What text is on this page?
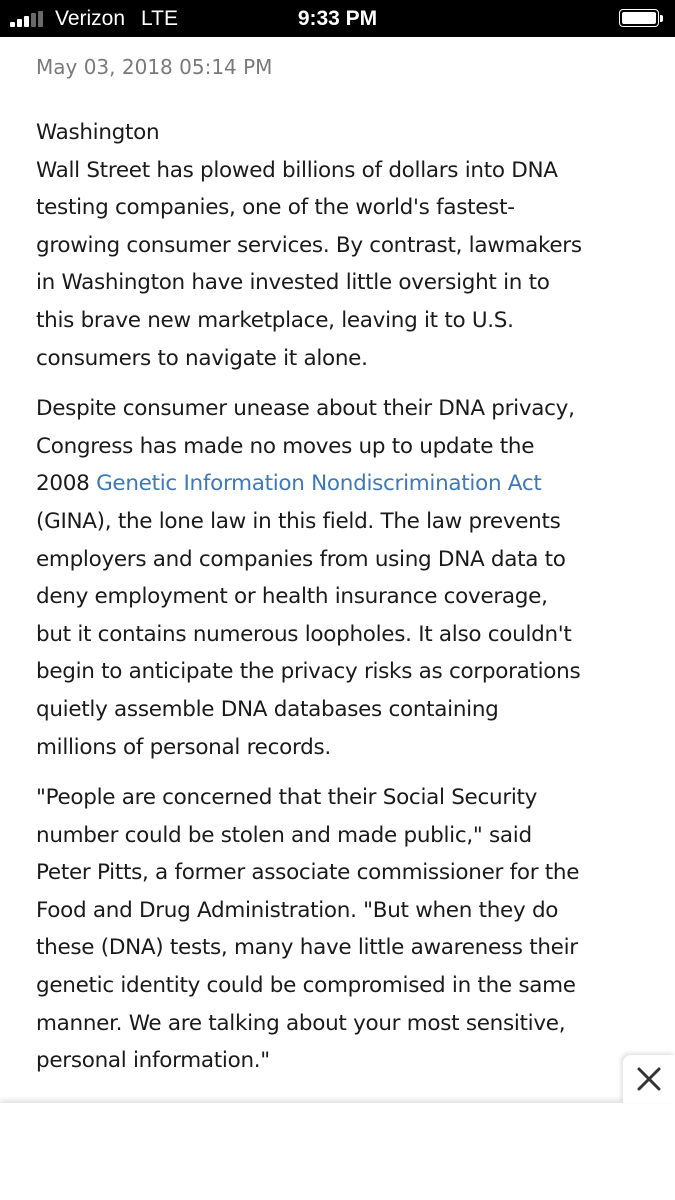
Verizon LTE	9:33 PM

May 03, 2018 05:14 PM

Washington

Wall Street has plowed billions of dollars into DNA
testing companies, one of the world's fastest-
growing consumer services. By contrast, lawmakers
in Washington have invested little oversight in to
this brave new marketplace, leaving it to U.S.
consumers to navigate it alone.

Despite consumer unease about their DNA privacy,
Congress has made no moves up to update the
2008 Genetic Information Nondiscrimination Act
(GINA), the lone law in this field. The law prevents
employers and companies from using DNA data to
deny employment or health insurance coverage,
but it contains numerous loopholes. It also couldn't
begin to anticipate the privacy risks as corporations
quietly assemble DNA databases containing
millions of personal records.

"People are concerned that their Social Security
number could be stolen and made public," said
Peter Pitts, a former associate commissioner for the
Food and Drug Administration. "But when they do
these (DNA) tests, many have little awareness their
genetic identity could be compromised in the same
manner. We are talking about your most sensitive,
personal information."
